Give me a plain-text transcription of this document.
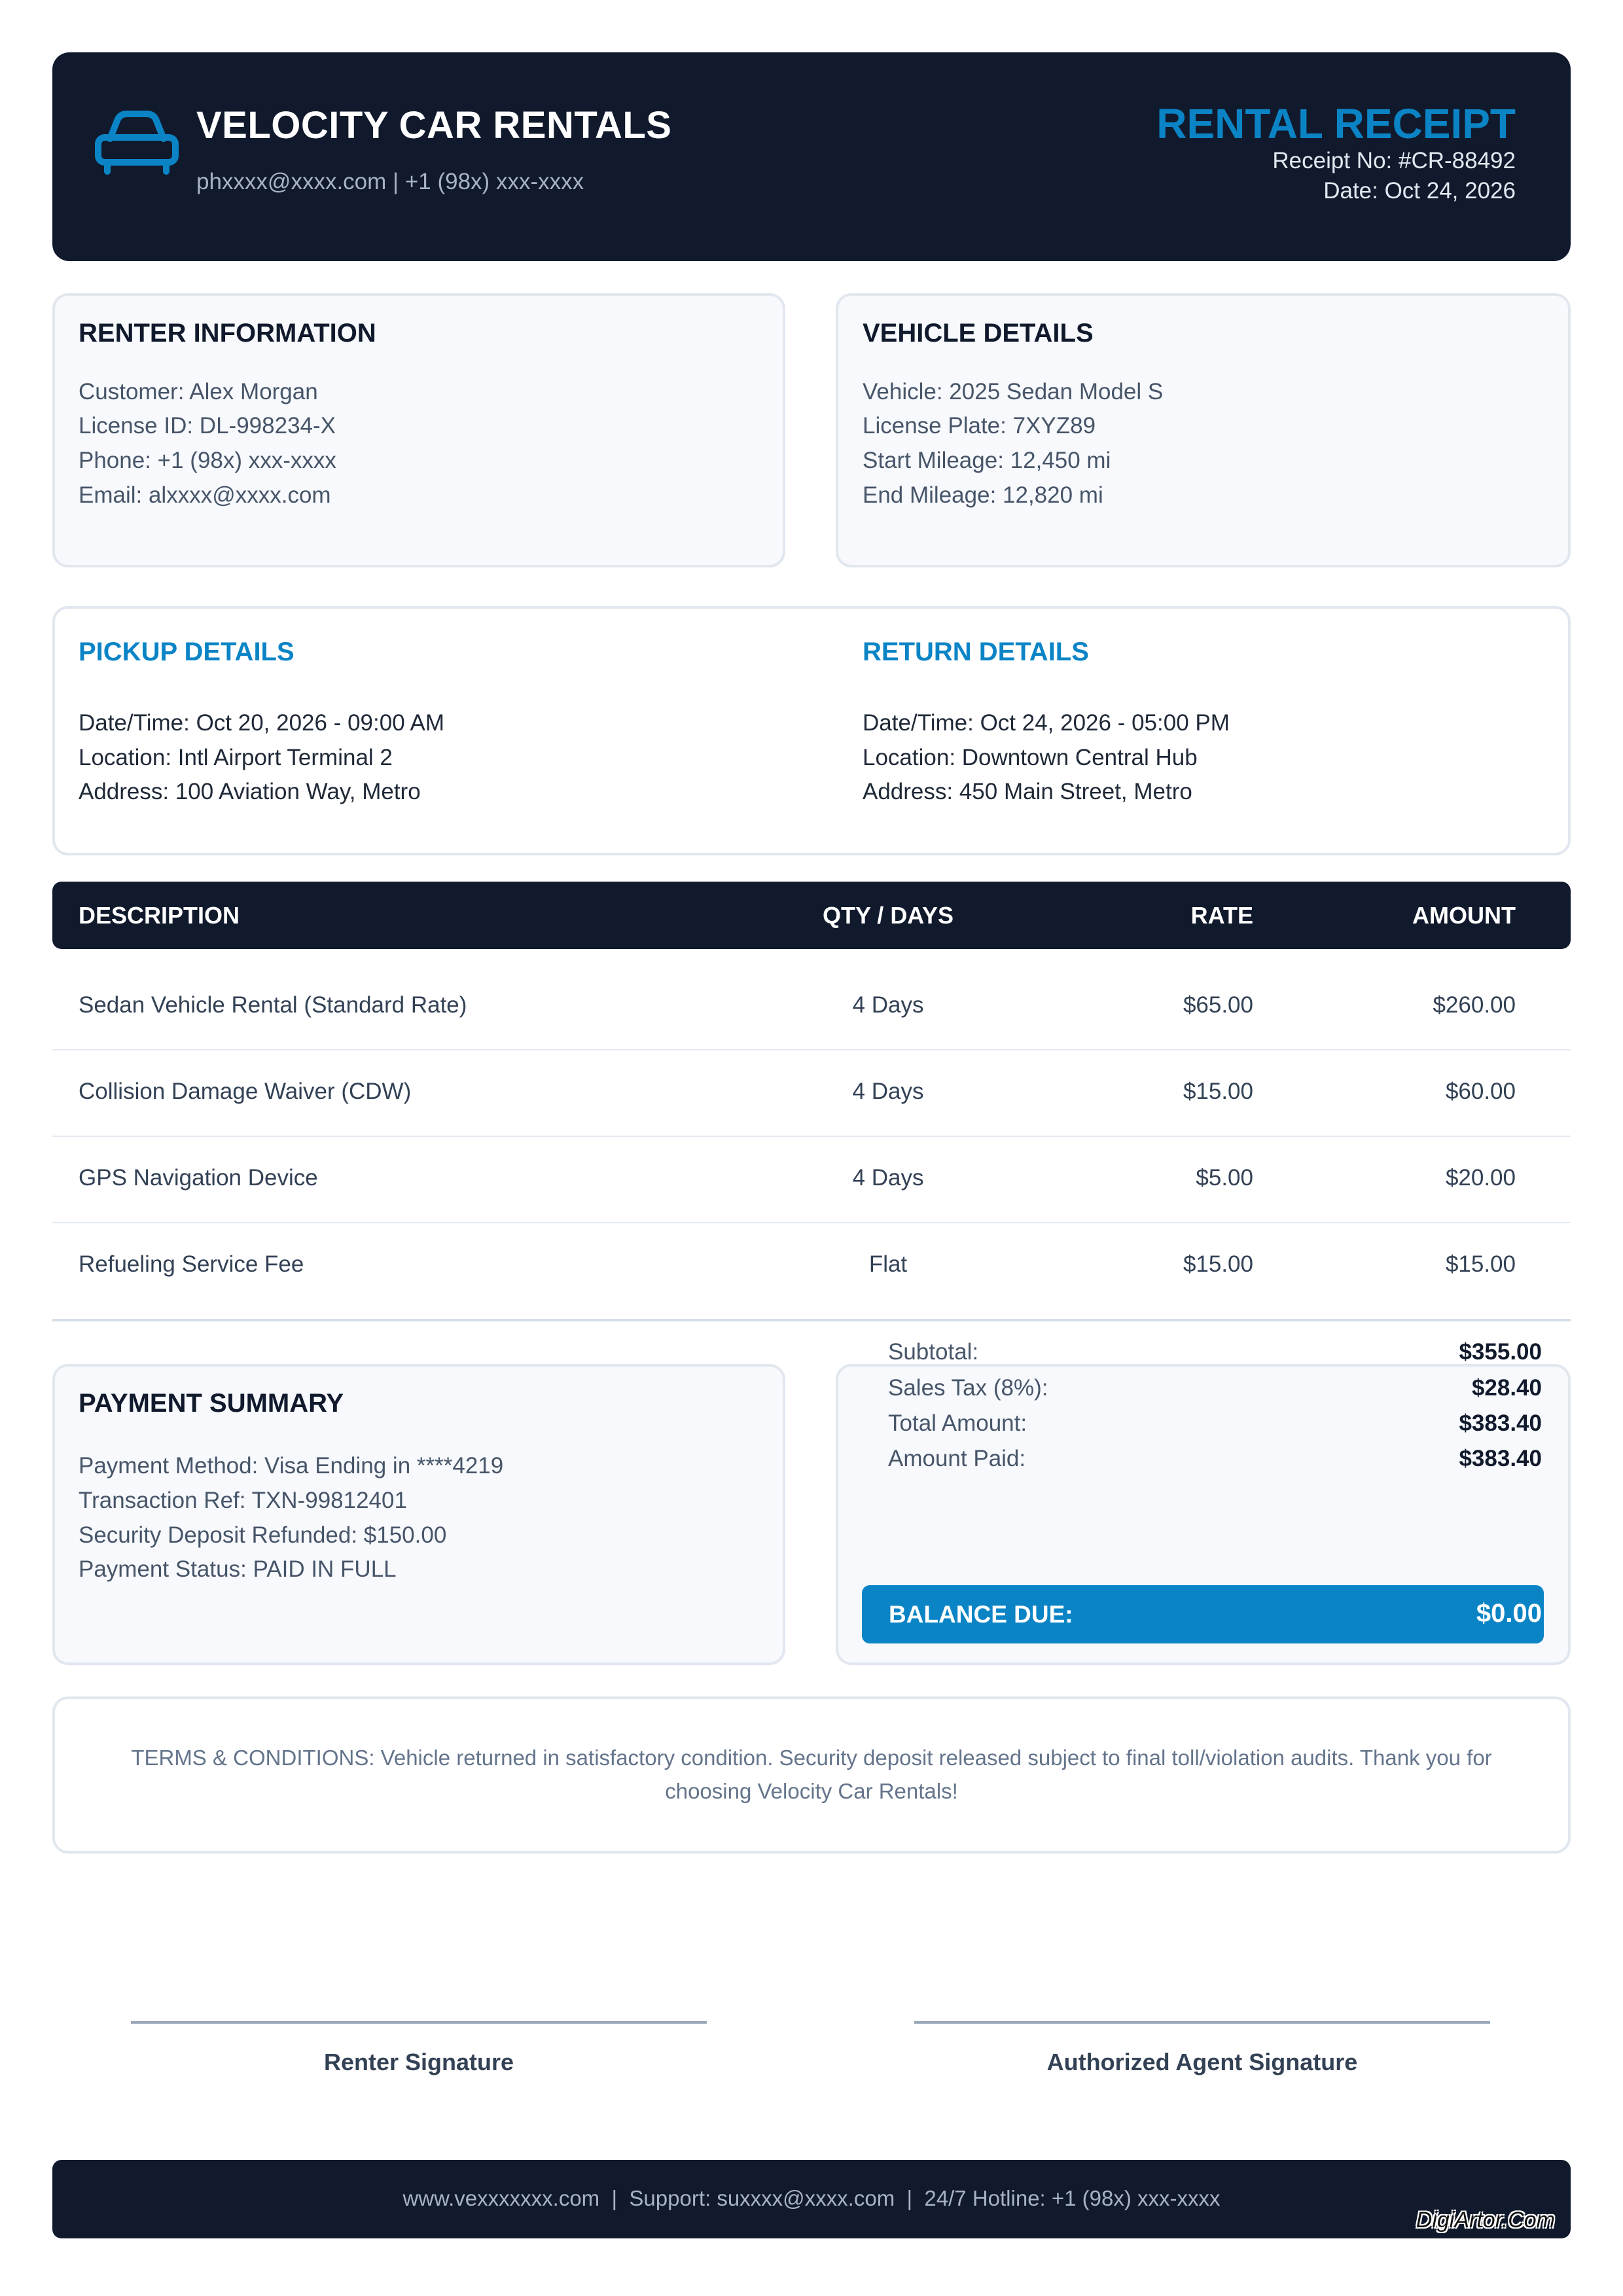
VELOCITY CAR RENTALS
phxxxx@xxxx.com | +1 (98x) xxx-xxxx
RENTAL RECEIPT
Receipt No: #CR-88492
Date: Oct 24, 2026
RENTER INFORMATION
Customer: Alex Morgan
License ID: DL-998234-X
Phone: +1 (98x) xxx-xxxx
Email: alxxxx@xxxx.com
VEHICLE DETAILS
Vehicle: 2025 Sedan Model S
License Plate: 7XYZ89
Start Mileage: 12,450 mi
End Mileage: 12,820 mi
PICKUP DETAILS
Date/Time: Oct 20, 2026 - 09:00 AM
Location: Intl Airport Terminal 2
Address: 100 Aviation Way, Metro
RETURN DETAILS
Date/Time: Oct 24, 2026 - 05:00 PM
Location: Downtown Central Hub
Address: 450 Main Street, Metro
DESCRIPTION	QTY / DAYS	RATE	AMOUNT
Sedan Vehicle Rental (Standard Rate)	4 Days	$65.00	$260.00
Collision Damage Waiver (CDW)	4 Days	$15.00	$60.00
GPS Navigation Device	4 Days	$5.00	$20.00
Refueling Service Fee	Flat	$15.00	$15.00
PAYMENT SUMMARY
Payment Method: Visa Ending in ****4219
Transaction Ref: TXN-99812401
Security Deposit Refunded: $150.00
Payment Status: PAID IN FULL
Subtotal:	$355.00
Sales Tax (8%):	$28.40
Total Amount:	$383.40
Amount Paid:	$383.40
BALANCE DUE:	$0.00
TERMS & CONDITIONS: Vehicle returned in satisfactory condition. Security deposit released subject to final toll/violation audits. Thank you for choosing Velocity Car Rentals!
Renter Signature	Authorized Agent Signature
www.vexxxxxxx.com  |  Support: suxxxx@xxxx.com  |  24/7 Hotline: +1 (98x) xxx-xxxx
DigiArtor.Com
